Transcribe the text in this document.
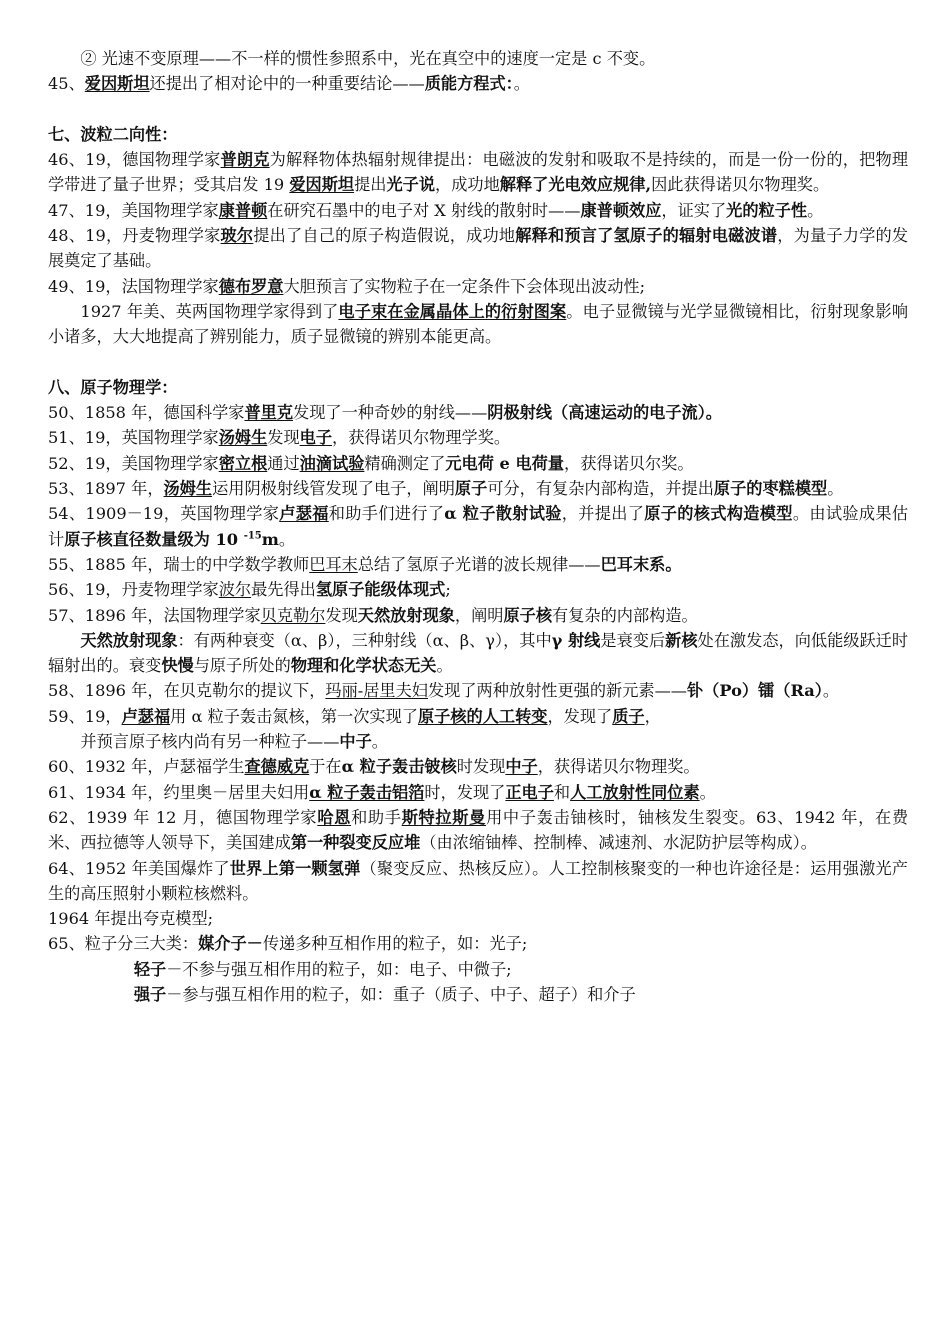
② 光速不变原理——不一样的惯性参照系中，光在真空中的速度一定是 c 不变。

45、爱因斯坦还提出了相对论中的一种重要结论——质能方程式：。

七、波粒二向性：

46、19，德国物理学家普朗克为解释物体热辐射规律提出：电磁波的发射和吸取不是持续的，而是一份一份的，把物理学带进了量子世界；受其启发 19 爱因斯坦提出光子说，成功地解释了光电效应规律,因此获得诺贝尔物理奖。

47、19，美国物理学家康普顿在研究石墨中的电子对 X 射线的散射时——康普顿效应，证实了光的粒子性。

48、19，丹麦物理学家玻尔提出了自己的原子构造假说，成功地解释和预言了氢原子的辐射电磁波谱，为量子力学的发展奠定了基础。

49、19，法国物理学家德布罗意大胆预言了实物粒子在一定条件下会体现出波动性;

1927 年美、英两国物理学家得到了电子束在金属晶体上的衍射图案。电子显微镜与光学显微镜相比，衍射现象影响小诸多，大大地提高了辨别能力，质子显微镜的辨别本能更高。

八、原子物理学：

50、1858 年，德国科学家普里克发现了一种奇妙的射线——阴极射线（高速运动的电子流）。

51、19，英国物理学家汤姆生发现电子，获得诺贝尔物理学奖。

52、19，美国物理学家密立根通过油滴试验精确测定了元电荷 e 电荷量，获得诺贝尔奖。

53、1897 年，汤姆生运用阴极射线管发现了电子，阐明原子可分，有复杂内部构造，并提出原子的枣糕模型。

54、1909－19，英国物理学家卢瑟福和助手们进行了α 粒子散射试验，并提出了原子的核式构造模型。由试验成果估计原子核直径数量级为 10 $^{-15}$m。

55、1885 年，瑞士的中学数学教师巴耳末总结了氢原子光谱的波长规律——巴耳末系。

56、19，丹麦物理学家波尔最先得出氢原子能级体现式;

57、1896 年，法国物理学家贝克勒尔发现天然放射现象，阐明原子核有复杂的内部构造。

天然放射现象：有两种衰变（α、β），三种射线（α、β、γ），其中γ 射线是衰变后新核处在激发态，向低能级跃迁时辐射出的。衰变快慢与原子所处的物理和化学状态无关。

58、1896 年，在贝克勒尔的提议下，玛丽-居里夫妇发现了两种放射性更强的新元素——钋（Po）镭（Ra）。

59、19，卢瑟福用 α 粒子轰击氮核，第一次实现了原子核的人工转变，发现了质子，

并预言原子核内尚有另一种粒子——中子。

60、1932 年，卢瑟福学生查德威克于在α 粒子轰击铍核时发现中子，获得诺贝尔物理奖。

61、1934 年，约里奥－居里夫妇用α 粒子轰击铝箔时，发现了正电子和人工放射性同位素。

62、1939 年 12 月，德国物理学家哈恩和助手斯特拉斯曼用中子轰击铀核时，铀核发生裂变。63、1942 年，在费米、西拉德等人领导下，美国建成第一种裂变反应堆（由浓缩铀棒、控制棒、减速剂、水泥防护层等构成）。

64、1952 年美国爆炸了世界上第一颗氢弹（聚变反应、热核反应）。人工控制核聚变的一种也许途径是：运用强激光产生的高压照射小颗粒核燃料。

1964 年提出夸克模型;

65、粒子分三大类：媒介子－传递多种互相作用的粒子，如：光子;

轻子－不参与强互相作用的粒子，如：电子、中微子;

强子－参与强互相作用的粒子，如：重子（质子、中子、超子）和介子
